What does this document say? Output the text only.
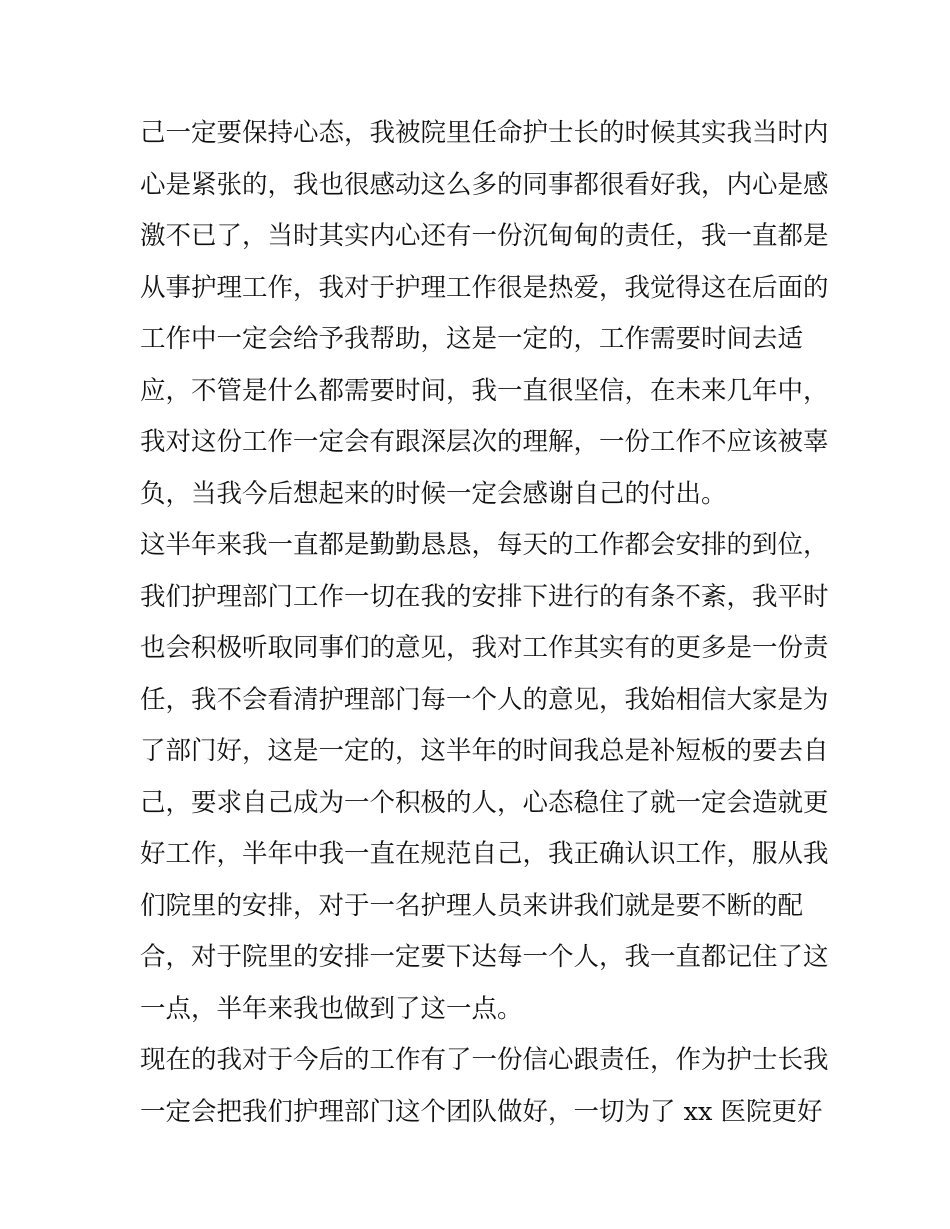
己一定要保持心态，我被院里任命护士长的时候其实我当时内
心是紧张的，我也很感动这么多的同事都很看好我，内心是感
激不已了，当时其实内心还有一份沉甸甸的责任，我一直都是
从事护理工作，我对于护理工作很是热爱，我觉得这在后面的
工作中一定会给予我帮助，这是一定的，工作需要时间去适
应，不管是什么都需要时间，我一直很坚信，在未来几年中，
我对这份工作一定会有跟深层次的理解，一份工作不应该被辜
负，当我今后想起来的时候一定会感谢自己的付出。
这半年来我一直都是勤勤恳恳，每天的工作都会安排的到位，
我们护理部门工作一切在我的安排下进行的有条不紊，我平时
也会积极听取同事们的意见，我对工作其实有的更多是一份责
任，我不会看清护理部门每一个人的意见，我始相信大家是为
了部门好，这是一定的，这半年的时间我总是补短板的要去自
己，要求自己成为一个积极的人，心态稳住了就一定会造就更
好工作，半年中我一直在规范自己，我正确认识工作，服从我
们院里的安排，对于一名护理人员来讲我们就是要不断的配
合，对于院里的安排一定要下达每一个人，我一直都记住了这
一点，半年来我也做到了这一点。
现在的我对于今后的工作有了一份信心跟责任，作为护士长我
一定会把我们护理部门这个团队做好，一切为了 xx 医院更好
